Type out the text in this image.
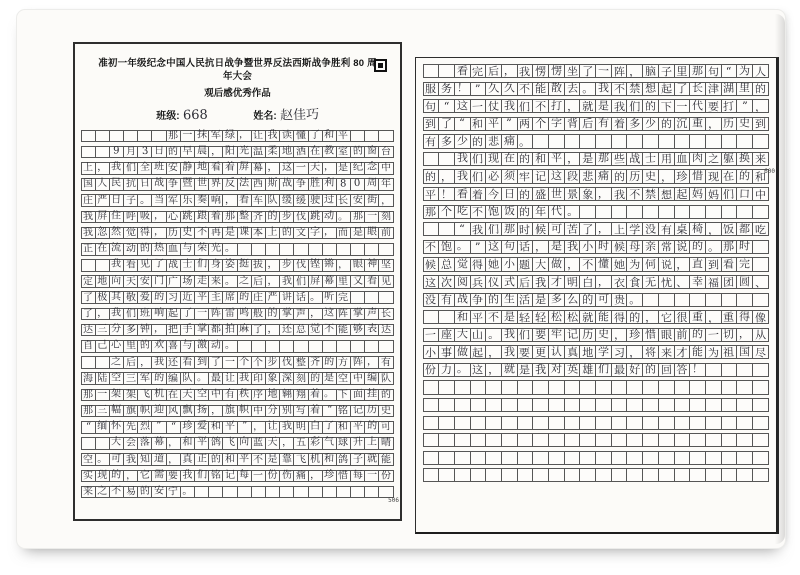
准初一年级纪念中国人民抗日战争暨世界反法西斯战争胜利 80 周年大会
观后感优秀作品
班级: 668	姓名: 赵佳巧
那 一 抹 军 绿 ， 让 我 读 懂 了 和 平
9 月 3 日 的 早 晨 ， 阳 光 温 柔 地 洒 在 教 室 的 窗 台
上 ， 我 们 全 班 安 静 地 看 着 屏 幕 ， 这 一 天 ， 是 纪 念 中
国 人 民 抗 日 战 争 暨 世 界 反 法 西 斯 战 争 胜 利 8 0 周 年
庄 严 日 子 。 当 军 乐 奏 响 ， 看 车 队 缓 缓 驶 过 长 安 街 ，
我 屏 住 呼 吸 ， 心 跳 跟 着 那 整 齐 的 步 伐 跳 动 。 那 一 刻
我 忽 然 觉 得 ， 历 史 不 再 是 课 本 上 的 文 字 ， 而 是 眼 前
正 在 流 动 的 热 血 与 荣 光 。
我 看 见 了 战 士 们 身 姿 挺 拔 ， 步 伐 铿 锵 ， 眼 神 坚
定 地 向 天 安 门 广 场 走 来 。 之 后 ， 我 们 屏 幕 里 又 看 见
了 极 其 敬 爱 的 习 近 平 主 席 的 庄 严 讲 话 。 听 完
了 ， 我 们 班 响 起 了 一 阵 雷 鸣 般 的 掌 声 ， 这 阵 掌 声 长
达 三 分 多 钟 ， 把 手 掌 都 拍 麻 了 ， 还 总 觉 不 能 够 表 达
自 己 心 里 的 欢 喜 与 激 动 。
之 后 ， 我 还 看 到 了 一 个 个 步 伐 整 齐 的 方 阵 ， 有
海 陆 空 三 军 的 编 队 。 最 让 我 印 象 深 刻 的 是 空 中 编 队
那 一 架 架 飞 机 在 天 空 中 有 秩 序 地 翱 翔 着 。 下 面 挂 的
那 三 幅 旗 帜 迎 风 飘 扬 ， 旗 帜 中 分 别 写 着 “ 铭 记 历 史
“ 缅 怀 先 烈 ” “ 珍 爱 和 平 ” ， 让 我 明 白 了 和 平 的 可
大 会 落 幕 ， 和 平 鸽 飞 向 蓝 天 ， 五 彩 气 球 升 上 晴
空 。 可 我 知 道 ， 真 正 的 和 平 不 是 靠 飞 机 和 鸽 子 就 能
实 现 的 ， 它 需 要 我 们 铭 记 每 一 份 伤 痛 ， 珍 惜 每 一 份
来 之 不 易 的 安 宁 。
506
看 完 后 ， 我 愣 愣 坐 了 一 阵 ， 脑 子 里 那 句 “ 为 人
服 务 ！ ” 久 久 不 能 散 去 。 我 不 禁 想 起 了 长 津 湖 里 的
句 “ 这 一 仗 我 们 不 打 ， 就 是 我 们 的 下 一 代 要 打 ” ，
到 了 “ 和 平 ” 两 个 字 背 后 有 着 多 少 的 沉 重 ， 历 史 到
有 多 少 的 悲 痛 。
我 们 现 在 的 和 平 ， 是 那 些 战 士 用 血 肉 之 躯 换 来
的 ， 我 们 必 须 牢 记 这 段 悲 痛 的 历 史 ， 珍 惜 现 在 的 和
平 ！ 看 着 今 日 的 盛 世 景 象 ， 我 不 禁 想 起 妈 妈 们 口 中
那 个 吃 不 饱 饭 的 年 代 。
“ 我 们 那 时 候 可 苦 了 ， 上 学 没 有 桌 椅 ， 饭 都 吃
不 饱 。 ” 这 句 话 ， 是 我 小 时 候 母 亲 常 说 的 。 那 时
候 总 觉 得 她 小 题 大 做 ， 不 懂 她 为 何 说 ， 直 到 看 完
这 次 阅 兵 仪 式 后 我 才 明 白 ， 衣 食 无 忧 、 幸 福 团 圆 、
没 有 战 争 的 生 活 是 多 么 的 可 贵 。
和 平 不 是 轻 轻 松 松 就 能 得 的 ， 它 很 重 ， 重 得 像
一 座 大 山 。 我 们 要 牢 记 历 史 ， 珍 惜 眼 前 的 一 切 ， 从
小 事 做 起 ， 我 要 更 认 真 地 学 习 ， 将 来 才 能 为 祖 国 尽
份 力 。 这 ， 就 是 我 对 英 雄 们 最 好 的 回 答 ！
600
